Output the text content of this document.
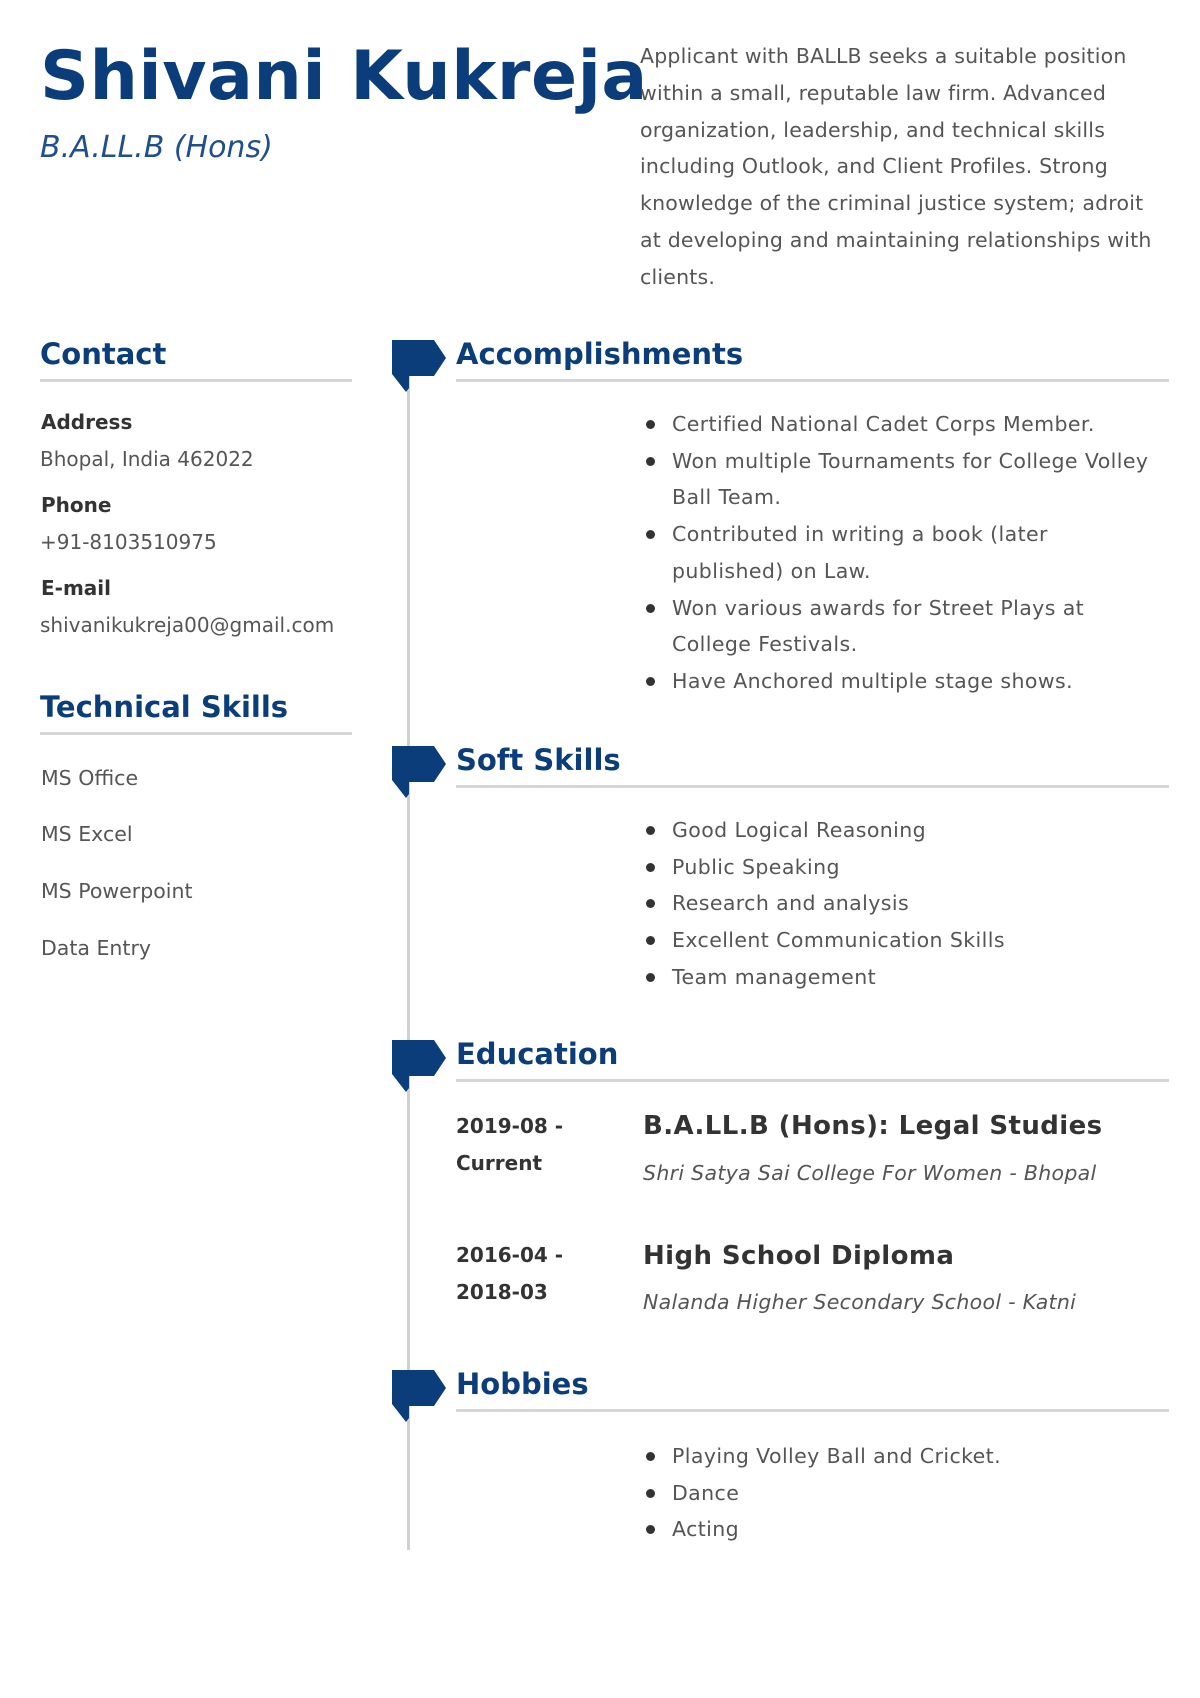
Shivani Kukreja
B.A.LL.B (Hons)
Applicant with BALLB seeks a suitable position within a small, reputable law firm. Advanced organization, leadership, and technical skills including Outlook, and Client Profiles. Strong knowledge of the criminal justice system; adroit at developing and maintaining relationships with clients.
Contact
Address
Bhopal, India 462022
Phone
+91-8103510975
E-mail
shivanikukreja00@gmail.com
Technical Skills
MS Office
MS Excel
MS Powerpoint
Data Entry
Accomplishments
Certified National Cadet Corps Member.
Won multiple Tournaments for College Volley Ball Team.
Contributed in writing a book (later published) on Law.
Won various awards for Street Plays at College Festivals.
Have Anchored multiple stage shows.
Soft Skills
Good Logical Reasoning
Public Speaking
Research and analysis
Excellent Communication Skills
Team management
Education
2019-08 -
Current
B.A.LL.B (Hons): Legal Studies
Shri Satya Sai College For Women - Bhopal
2016-04 -
2018-03
High School Diploma
Nalanda Higher Secondary School - Katni
Hobbies
Playing Volley Ball and Cricket.
Dance
Acting
